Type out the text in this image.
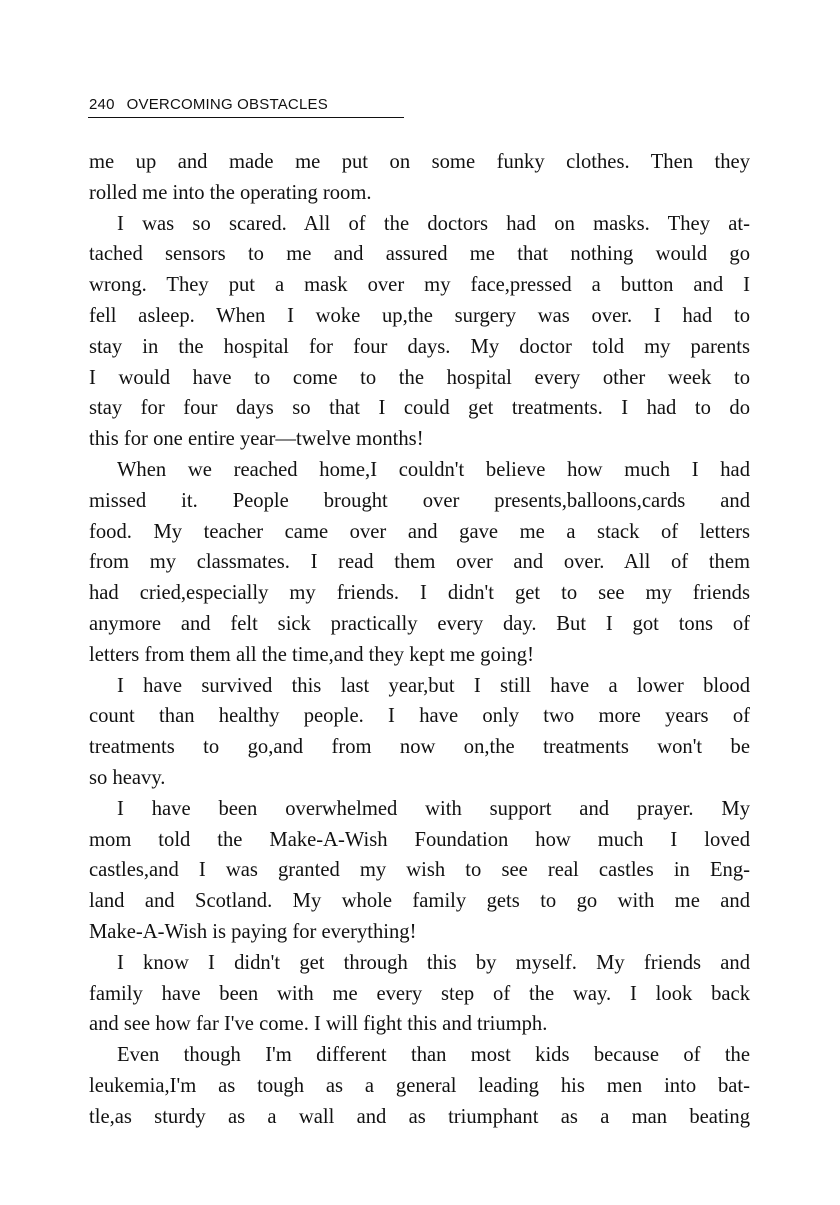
240 OVERCOMING OBSTACLES

me up and made me put on some funky clothes. Then they
rolled me into the operating room.

I was so scared. All of the doctors had on masks. They at-
tached sensors to me and assured me that nothing would go
wrong. They put a mask over my face,pressed a button and I
fell asleep. When I woke up,the surgery was over. I had to
stay in the hospital for four days. My doctor told my parents
I would have to come to the hospital every other week to
stay for four days so that I could get treatments. I had to do
this for one entire year—twelve months!

When we reached home,I couldn't believe how much I had
missed it. People brought over presents,balloons,cards and
food. My teacher came over and gave me a stack of letters
from my classmates. I read them over and over. All of them
had cried,especially my friends. I didn't get to see my friends
anymore and felt sick practically every day. But I got tons of
letters from them all the time,and they kept me going!

I have survived this last year,but I still have a lower blood
count than healthy people. I have only two more years of
treatments to go,and from now on,the treatments won't be
so heavy.

I have been overwhelmed with support and prayer. My
mom told the Make-A-Wish Foundation how much I loved
castles,and I was granted my wish to see real castles in Eng-
land and Scotland. My whole family gets to go with me and
Make-A-Wish is paying for everything!

I know I didn't get through this by myself. My friends and
family have been with me every step of the way. I look back
and see how far I've come. I will fight this and triumph.

Even though I'm different than most kids because of the
leukemia,I'm as tough as a general leading his men into bat-
tle,as sturdy as a wall and as triumphant as a man beating
